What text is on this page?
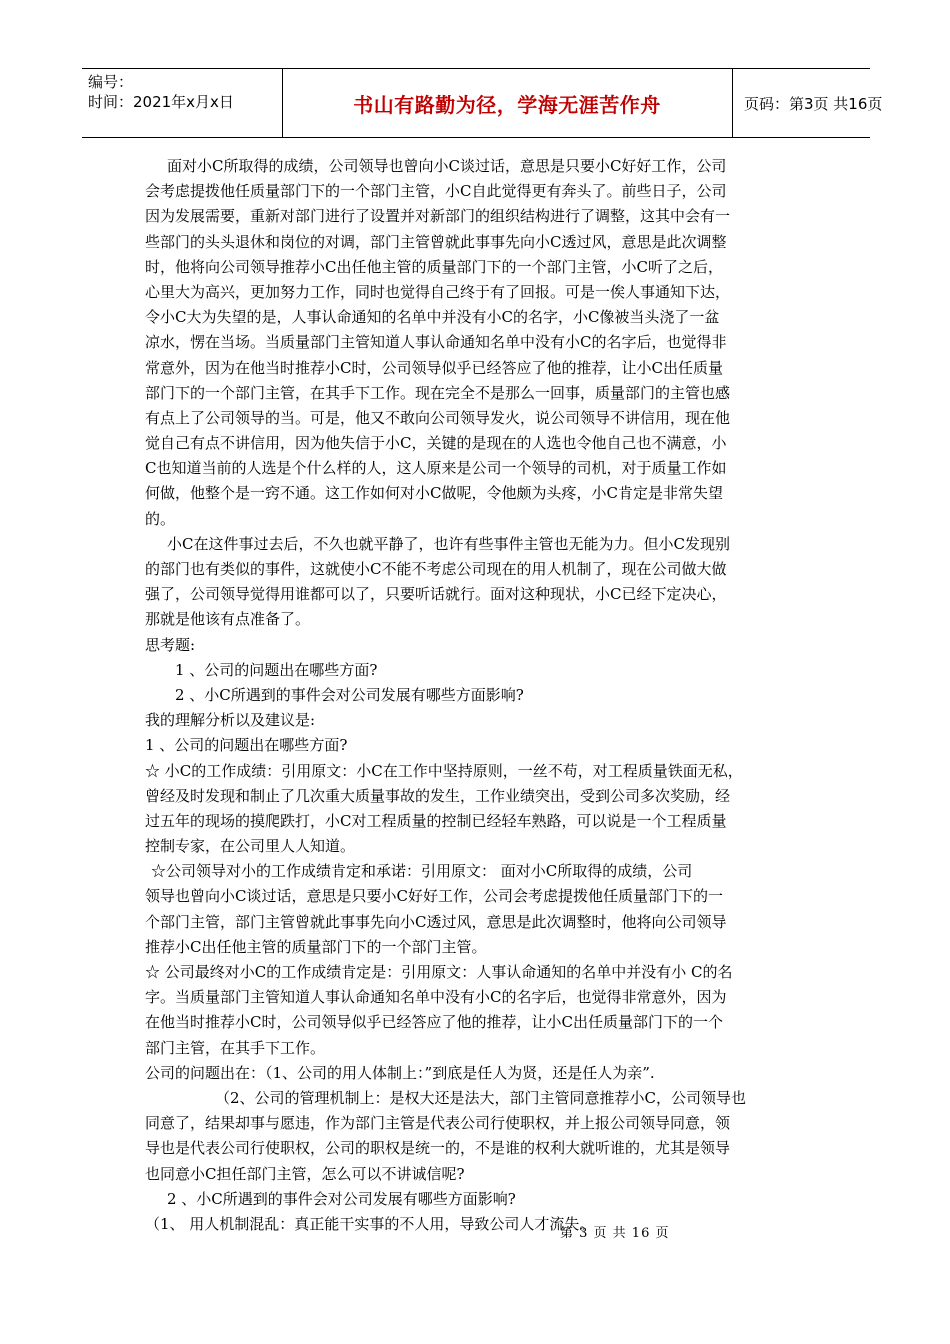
编号：
时间：2021年x月x日	书山有路勤为径，学海无涯苦作舟	页码：第3页 共16页
面对小C所取得的成绩，公司领导也曾向小C谈过话，意思是只要小C好好工作，公司
会考虑提拨他任质量部门下的一个部门主管，小C自此觉得更有奔头了。前些日子，公司
因为发展需要，重新对部门进行了设置并对新部门的组织结构进行了调整，这其中会有一
些部门的头头退休和岗位的对调，部门主管曾就此事事先向小C透过风，意思是此次调整
时，他将向公司领导推荐小C出任他主管的质量部门下的一个部门主管，小C听了之后，
心里大为高兴，更加努力工作，同时也觉得自己终于有了回报。可是一俟人事通知下达，
令小C大为失望的是，人事认命通知的名单中并没有小C的名字，小C像被当头浇了一盆
凉水，愣在当场。当质量部门主管知道人事认命通知名单中没有小C的名字后，也觉得非
常意外，因为在他当时推荐小C时，公司领导似乎已经答应了他的推荐，让小C出任质量
部门下的一个部门主管，在其手下工作。现在完全不是那么一回事，质量部门的主管也感
有点上了公司领导的当。可是，他又不敢向公司领导发火，说公司领导不讲信用，现在他
觉自己有点不讲信用，因为他失信于小C，关键的是现在的人选也令他自己也不满意，小
C也知道当前的人选是个什么样的人，这人原来是公司一个领导的司机，对于质量工作如
何做，他整个是一窍不通。这工作如何对小C做呢，令他颇为头疼，小C肯定是非常失望
的。
小C在这件事过去后，不久也就平静了，也许有些事件主管也无能为力。但小C发现别
的部门也有类似的事件，这就使小C不能不考虑公司现在的用人机制了，现在公司做大做
强了，公司领导觉得用谁都可以了，只要听话就行。面对这种现状，小C已经下定决心，
那就是他该有点准备了。
思考题:
1 、公司的问题出在哪些方面?
2 、小C所遇到的事件会对公司发展有哪些方面影响?
我的理解分析以及建议是:
1 、公司的问题出在哪些方面?
☆ 小C的工作成绩：引用原文：小C在工作中坚持原则，一丝不苟，对工程质量铁面无私，
曾经及时发现和制止了几次重大质量事故的发生，工作业绩突出，受到公司多次奖励，经
过五年的现场的摸爬跌打，小C对工程质量的控制已经轻车熟路，可以说是一个工程质量
控制专家，在公司里人人知道。
☆公司领导对小的工作成绩肯定和承诺：引用原文： 面对小C所取得的成绩，公司
领导也曾向小C谈过话，意思是只要小C好好工作，公司会考虑提拨他任质量部门下的一
个部门主管，部门主管曾就此事事先向小C透过风，意思是此次调整时，他将向公司领导
推荐小C出任他主管的质量部门下的一个部门主管。
☆ 公司最终对小C的工作成绩肯定是：引用原文：人事认命通知的名单中并没有小 C的名
字。当质量部门主管知道人事认命通知名单中没有小C的名字后，也觉得非常意外，因为
在他当时推荐小C时，公司领导似乎已经答应了他的推荐，让小C出任质量部门下的一个
部门主管，在其手下工作。
公司的问题出在：（1、公司的用人体制上：”到底是任人为贤，还是任人为亲”.
（2、公司的管理机制上：是权大还是法大，部门主管同意推荐小C，公司领导也
同意了，结果却事与愿违，作为部门主管是代表公司行使职权，并上报公司领导同意，领
导也是代表公司行使职权，公司的职权是统一的，不是谁的权利大就听谁的，尤其是领导
也同意小C担任部门主管，怎么可以不讲诚信呢?
2 、小C所遇到的事件会对公司发展有哪些方面影响?
（1、 用人机制混乱：真正能干实事的不人用，导致公司人才流失。
第 3 页 共 16 页
